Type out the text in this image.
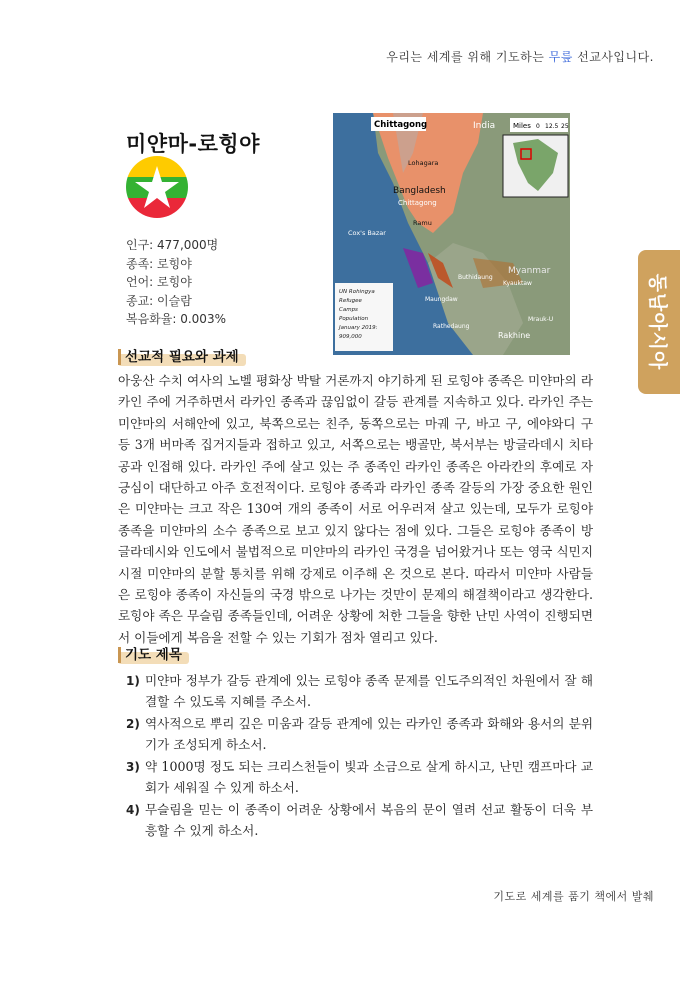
우리는 세계를 위해 기도하는 무릎 선교사입니다.
미얀마-로힝야
인구: 477,000명
종족: 로힝야
언어: 로힝야
종교: 이슬람
복음화율: 0.003%
Miles 0 12.5 25
Chittagong	India
Lohagara
Bangladesh
Chittagong
Ramu
Cox's Bazar
Myanmar
Buthidaung
Maungdaw
Kyauktaw
Rathedaung
Mrauk-U
Rakhine
UN Rohingya
Refugee
Camps
Population
January 2019:
909,000	동남아시아
선교적 필요와 과제
아웅산 수치 여사의 노벨 평화상 박탈 거론까지 야기하게 된 로힝야 종족은 미얀마의 라카인 주에 거주하면서 라카인 종족과 끊임없이 갈등 관계를 지속하고 있다. 라카인 주는 미얀마의 서해안에 있고, 북쪽으로는 친주, 동쪽으로는 마궤 구, 바고 구, 에야와디 구 등 3개 버마족 집거지들과 접하고 있고, 서쪽으로는 뱅골만, 북서부는 방글라데시 치타공과 인접해 있다. 라카인 주에 살고 있는 주 종족인 라카인 종족은 아라칸의 후예로 자긍심이 대단하고 아주 호전적이다. 로힝야 종족과 라카인 종족 갈등의 가장 중요한 원인은 미얀마는 크고 작은 130여 개의 종족이 서로 어우러져 살고 있는데, 모두가 로힝야 종족을 미얀마의 소수 종족으로 보고 있지 않다는 점에 있다. 그들은 로힝야 종족이 방글라데시와 인도에서 불법적으로 미얀마의 라카인 국경을 넘어왔거나 또는 영국 식민지 시절 미얀마의 분할 통치를 위해 강제로 이주해 온 것으로 본다. 따라서 미얀마 사람들은 로힝야 종족이 자신들의 국경 밖으로 나가는 것만이 문제의 해결책이라고 생각한다. 로힝야 족은 무슬림 종족들인데, 어려운 상황에 처한 그들을 향한 난민 사역이 진행되면서 이들에게 복음을 전할 수 있는 기회가 점차 열리고 있다.
기도 제목
1) 미얀마 정부가 갈등 관계에 있는 로힝야 종족 문제를 인도주의적인 차원에서 잘 해결할 수 있도록 지혜를 주소서.
2) 역사적으로 뿌리 깊은 미움과 갈등 관계에 있는 라카인 종족과 화해와 용서의 분위기가 조성되게 하소서.
3) 약 1000명 정도 되는 크리스천들이 빛과 소금으로 살게 하시고, 난민 캠프마다 교회가 세워질 수 있게 하소서.
4) 무슬림을 믿는 이 종족이 어려운 상황에서 복음의 문이 열려 선교 활동이 더욱 부흥할 수 있게 하소서.
기도로 세계를 품기 책에서 발췌
